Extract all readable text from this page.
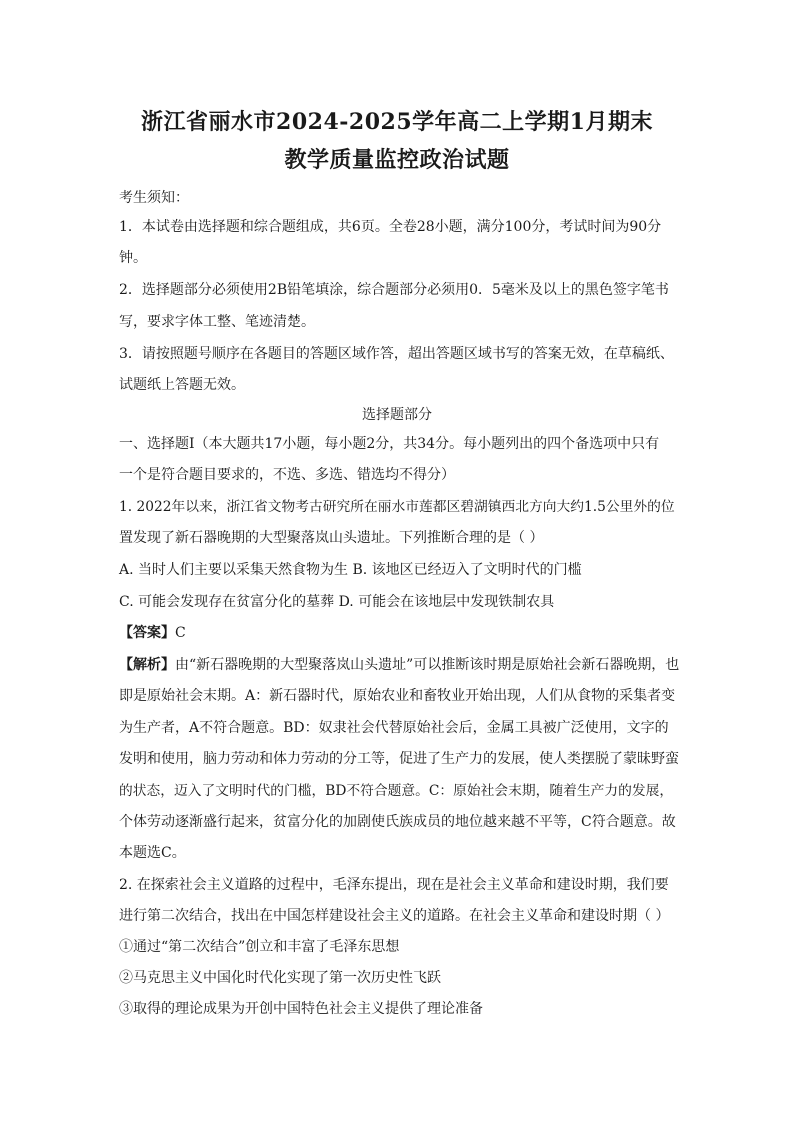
浙江省丽水市2024-2025学年高二上学期1月期末
教学质量监控政治试题
考生须知：
1．本试卷由选择题和综合题组成，共6页。全卷28小题，满分100分，考试时间为90分
钟。
2．选择题部分必须使用2B铅笔填涂，综合题部分必须用0．5毫米及以上的黑色签字笔书
写，要求字体工整、笔迹清楚。
3．请按照题号顺序在各题目的答题区域作答，超出答题区域书写的答案无效，在草稿纸、
试题纸上答题无效。
选择题部分
一、选择题Ⅰ（本大题共17小题，每小题2分，共34分。每小题列出的四个备选项中只有
一个是符合题目要求的，不选、多选、错选均不得分）
1. 2022年以来，浙江省文物考古研究所在丽水市莲都区碧湖镇西北方向大约1.5公里外的位
置发现了新石器晚期的大型聚落岚山头遗址。下列推断合理的是（ ）
A. 当时人们主要以采集天然食物为生 B. 该地区已经迈入了文明时代的门槛
C. 可能会发现存在贫富分化的墓葬 D. 可能会在该地层中发现铁制农具
【答案】C
【解析】由“新石器晚期的大型聚落岚山头遗址”可以推断该时期是原始社会新石器晚期，也
即是原始社会末期。A：新石器时代，原始农业和畜牧业开始出现，人们从食物的采集者变
为生产者，A不符合题意。BD：奴隶社会代替原始社会后，金属工具被广泛使用，文字的
发明和使用，脑力劳动和体力劳动的分工等，促进了生产力的发展，使人类摆脱了蒙昧野蛮
的状态，迈入了文明时代的门槛，BD不符合题意。C：原始社会末期，随着生产力的发展，
个体劳动逐渐盛行起来，贫富分化的加剧使氏族成员的地位越来越不平等，C符合题意。故
本题选C。
2. 在探索社会主义道路的过程中，毛泽东提出，现在是社会主义革命和建设时期，我们要
进行第二次结合，找出在中国怎样建设社会主义的道路。在社会主义革命和建设时期（ ）
①通过“第二次结合”创立和丰富了毛泽东思想
②马克思主义中国化时代化实现了第一次历史性飞跃
③取得的理论成果为开创中国特色社会主义提供了理论准备
